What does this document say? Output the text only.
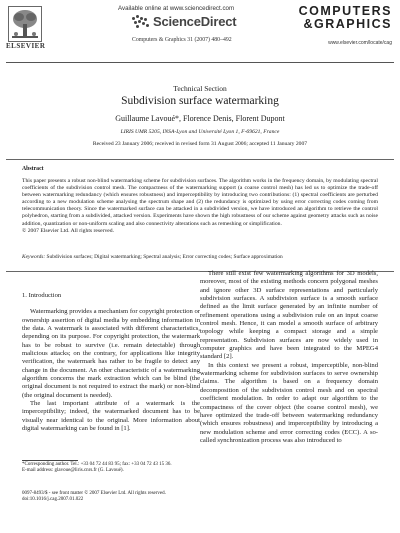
ELSEVIER
Available online at www.sciencedirect.com
ScienceDirect
Computers & Graphics 31 (2007) 480–492
COMPUTERS
&GRAPHICS
www.elsevier.com/locate/cag
Technical Section
Subdivision surface watermarking
Guillaume Lavoué*, Florence Denis, Florent Dupont
LIRIS UMR 5205, INSA-Lyon and Université Lyon 1, F-69621, France
Received 23 January 2006; received in revised form 31 August 2006; accepted 11 January 2007
Abstract
This paper presents a robust non-blind watermarking scheme for subdivision surfaces. The algorithm works in the frequency domain, by modulating spectral coefficients of the subdivision control mesh. The compactness of the watermarking support (a coarse control mesh) has led us to optimize the trade-off between watermarking redundancy (which ensures robustness) and imperceptibility by introducing two contributions: (1) spectral coefficients are perturbed according to a new modulation scheme analysing the spectrum shape and (2) the redundancy is optimized by using error correcting codes coming from telecommunication theory. Since the watermarked surface can be attacked in a subdivided version, we have introduced an algorithm to retrieve the control polyhedron, starting from a subdivided, attacked version. Experiments have shown the high robustness of our scheme against geometry attacks such as noise addition, quantization or non-uniform scaling and also connectivity alterations such as remeshing or simplification.
© 2007 Elsevier Ltd. All rights reserved.
Keywords: Subdivision surfaces; Digital watermarking; Spectral analysis; Error correcting codes; Surface approximation
1. Introduction

Watermarking provides a mechanism for copyright protection or ownership assertion of digital media by embedding information in the data. A watermark is associated with different characteristics, depending on its purpose. For copyright protection, the watermark has to be robust to survive (i.e. remain detectable) through malicious attacks; on the contrary, for applications like integrity verification, the watermark has rather to be fragile to detect any change in the document. An other characteristic of a watermarking algorithm concerns the mark extraction which can be blind (the original document is not required to extract the mark) or non-blind (the original document is needed).

The last important attribute of a watermark is the imperceptibility; indeed, the watermarked document has to be visually near identical to the original. More information about digital watermarking can be found in [1].

There still exist few watermarking algorithms for 3D models, moreover, most of the existing methods concern polygonal meshes and ignore other 3D surface representations and particularly subdivision surfaces. A subdivision surface is a smooth surface defined as the limit surface generated by an infinite number of refinement operations using a subdivision rule on an input coarse control mesh. Hence, it can model a smooth surface of arbitrary topology while keeping a compact storage and a simple representation. Subdivision surfaces are now widely used in computer graphics and have been integrated to the MPEG4 standard [2].

In this context we present a robust, imperceptible, non-blind watermarking scheme for subdivision surfaces to serve ownership claims. The algorithm is based on a frequency domain decomposition of the subdivision control mesh and on spectral coefficient modulation. In order to adapt our algorithm to the compactness of the cover object (the coarse control mesh), we have optimized the trade-off between watermarking redundancy (which ensures robustness) and imperceptibility by introducing a new modulation scheme and error correcting codes (ECC). A so-called synchronization process was also introduced to

*Corresponding author. Tel.: +33 04 72 44 83 95; fax: +33 04 72 43 15 36.
E-mail address: glavoue@liris.cnrs.fr (G. Lavoué).
0097-8493/$ - see front matter © 2007 Elsevier Ltd. All rights reserved.
doi:10.1016/j.cag.2007.01.022
